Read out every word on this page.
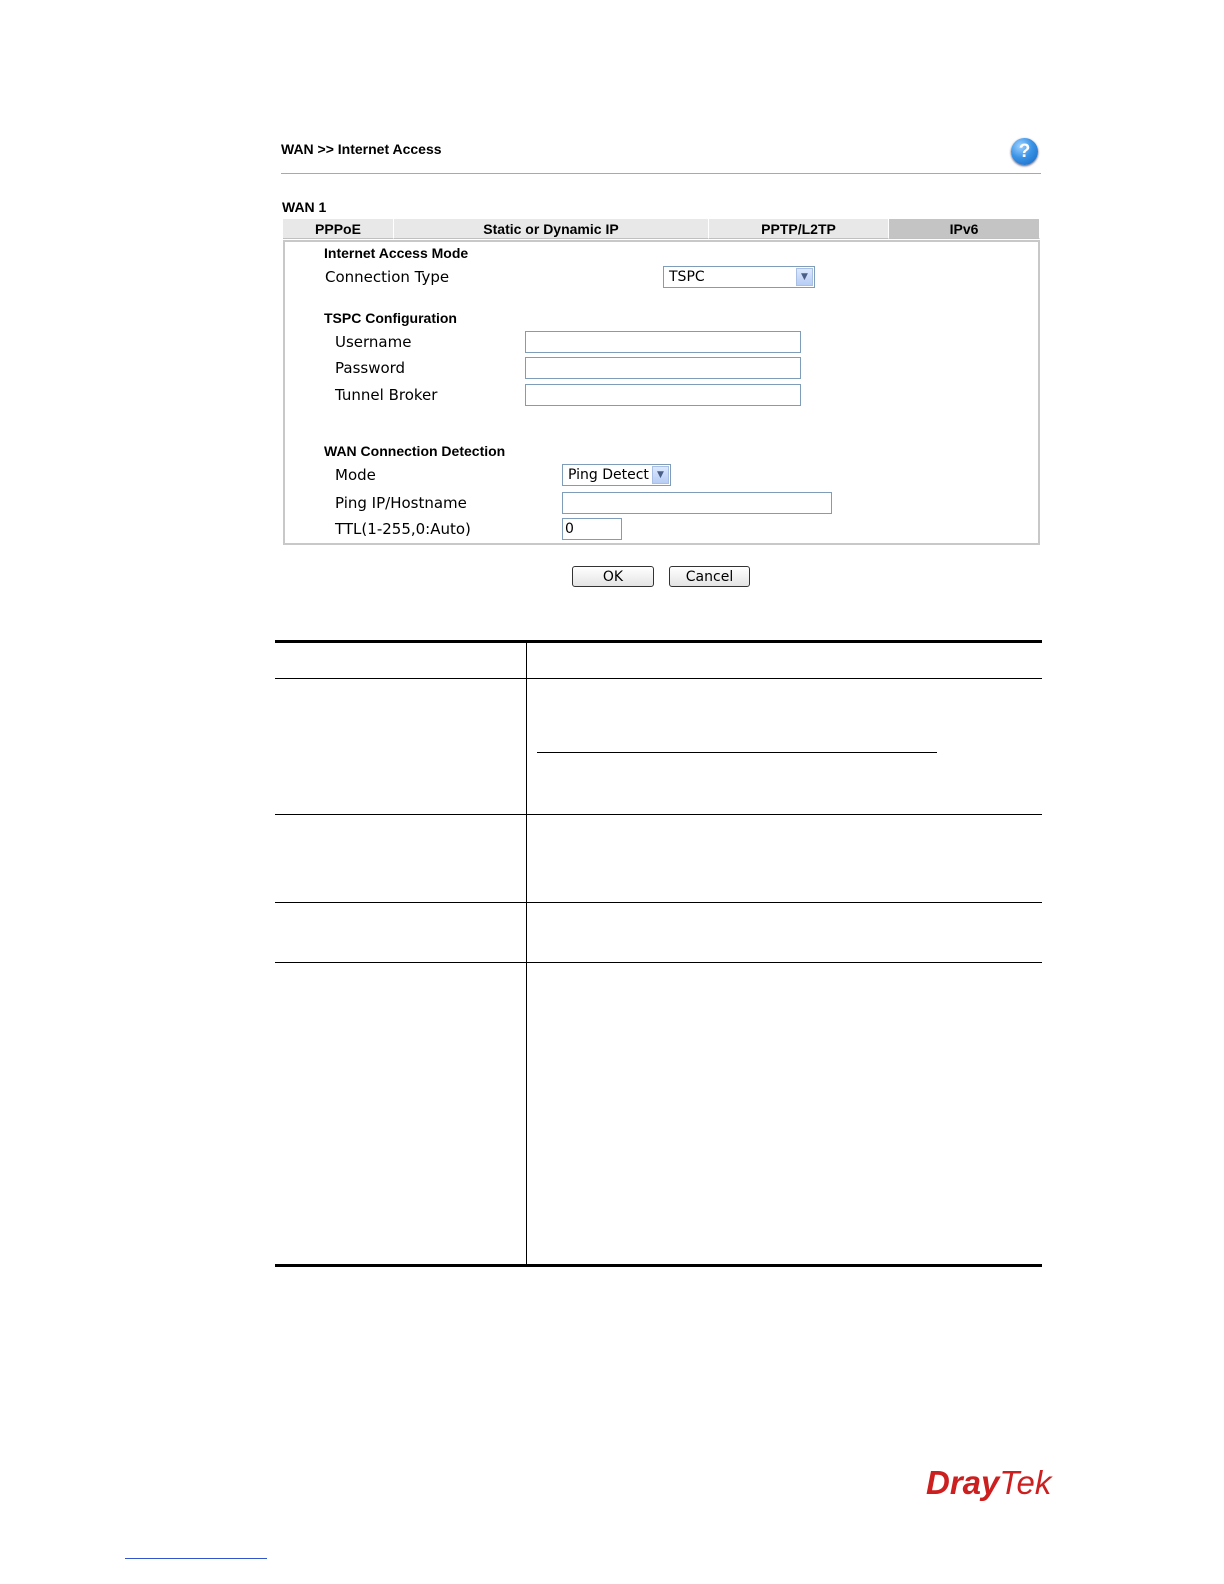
WAN >> Internet Access	?
WAN 1
PPPoE	Static or Dynamic IP	PPTP/L2TP	IPv6
Internet Access Mode
Connection Type	TSPC	▼
TSPC Configuration
Username
Password
Tunnel Broker
WAN Connection Detection
Mode	Ping Detect ▼
Ping IP/Hostname
TTL(1-255,0:Auto)	0
OK	Cancel
DrayTek
